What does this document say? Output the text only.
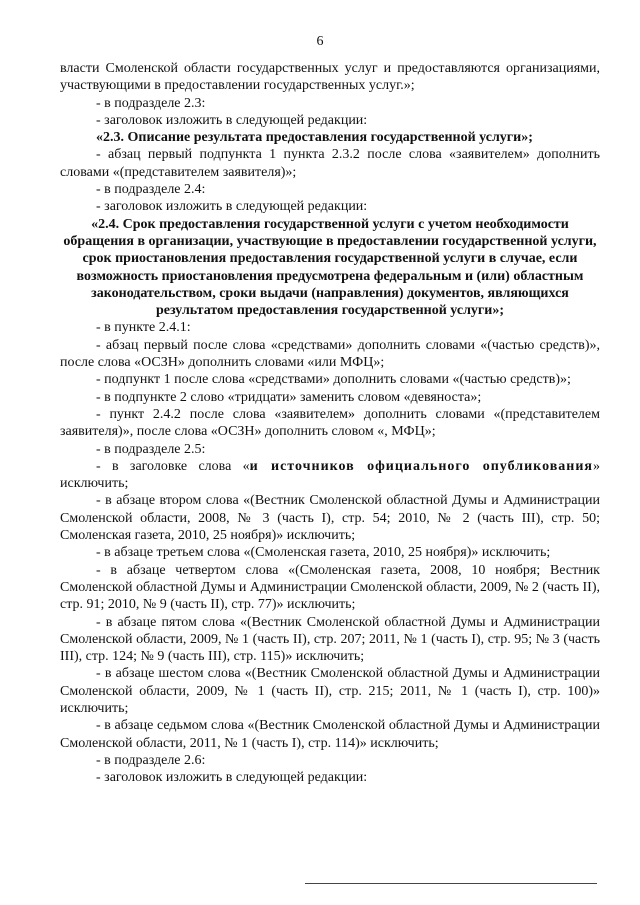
6

власти Смоленской области государственных услуг и предоставляются организациями, участвующими в предоставлении государственных услуг.»;

- в подразделе 2.3:

- заголовок изложить в следующей редакции:

«2.3. Описание результата предоставления государственной услуги»;

- абзац первый подпункта 1 пункта 2.3.2 после слова «заявителем» дополнить словами «(представителем заявителя)»;

- в подразделе 2.4:

- заголовок изложить в следующей редакции:

«2.4. Срок предоставления государственной услуги с учетом необходимости обращения в организации, участвующие в предоставлении государственной услуги, срок приостановления предоставления государственной услуги в случае, если возможность приостановления предусмотрена федеральным и (или) областным законодательством, сроки выдачи (направления) документов, являющихся результатом предоставления государственной услуги»;

- в пункте 2.4.1:

- абзац первый после слова «средствами» дополнить словами «(частью средств)», после слова «ОСЗН» дополнить словами «или МФЦ»;

- подпункт 1 после слова «средствами» дополнить словами «(частью средств)»;

- в подпункте 2 слово «тридцати» заменить словом «девяноста»;

- пункт 2.4.2 после слова «заявителем» дополнить словами «(представителем заявителя)», после слова «ОСЗН» дополнить словом «, МФЦ»;

- в подразделе 2.5:

- в заголовке слова «и источников официального опубликования» исключить;

- в абзаце втором слова «(Вестник Смоленской областной Думы и Администрации Смоленской области, 2008, № 3 (часть I), стр. 54; 2010, № 2 (часть III), стр. 50; Смоленская газета, 2010, 25 ноября)» исключить;

- в абзаце третьем слова «(Смоленская газета, 2010, 25 ноября)» исключить;

- в абзаце четвертом слова «(Смоленская газета, 2008, 10 ноября; Вестник Смоленской областной Думы и Администрации Смоленской области, 2009, № 2 (часть II), стр. 91; 2010, № 9 (часть II), стр. 77)» исключить;

- в абзаце пятом слова «(Вестник Смоленской областной Думы и Администрации Смоленской области, 2009, № 1 (часть II), стр. 207; 2011, № 1 (часть I), стр. 95; № 3 (часть III), стр. 124; № 9 (часть III), стр. 115)» исключить;

- в абзаце шестом слова «(Вестник Смоленской областной Думы и Администрации Смоленской области, 2009, № 1 (часть II), стр. 215; 2011, № 1 (часть I), стр. 100)» исключить;

- в абзаце седьмом слова «(Вестник Смоленской областной Думы и Администрации Смоленской области, 2011, № 1 (часть I), стр. 114)» исключить;

- в подразделе 2.6:

- заголовок изложить в следующей редакции:
